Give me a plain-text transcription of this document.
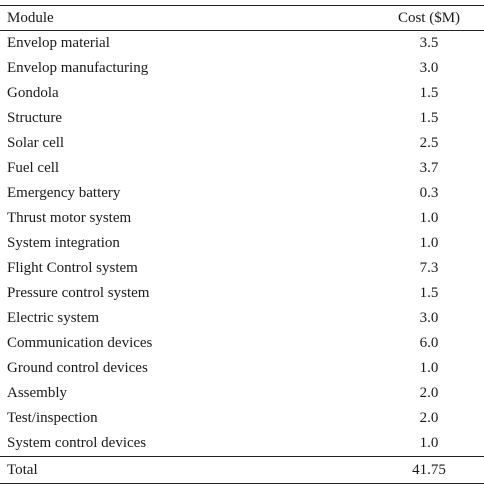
Module	Cost ($M)
Envelop material	3.5
Envelop manufacturing	3.0
Gondola	1.5
Structure	1.5
Solar cell	2.5
Fuel cell	3.7
Emergency battery	0.3
Thrust motor system	1.0
System integration	1.0
Flight Control system	7.3
Pressure control system	1.5
Electric system	3.0
Communication devices	6.0
Ground control devices	1.0
Assembly	2.0
Test/inspection	2.0
System control devices	1.0
Total	41.75
